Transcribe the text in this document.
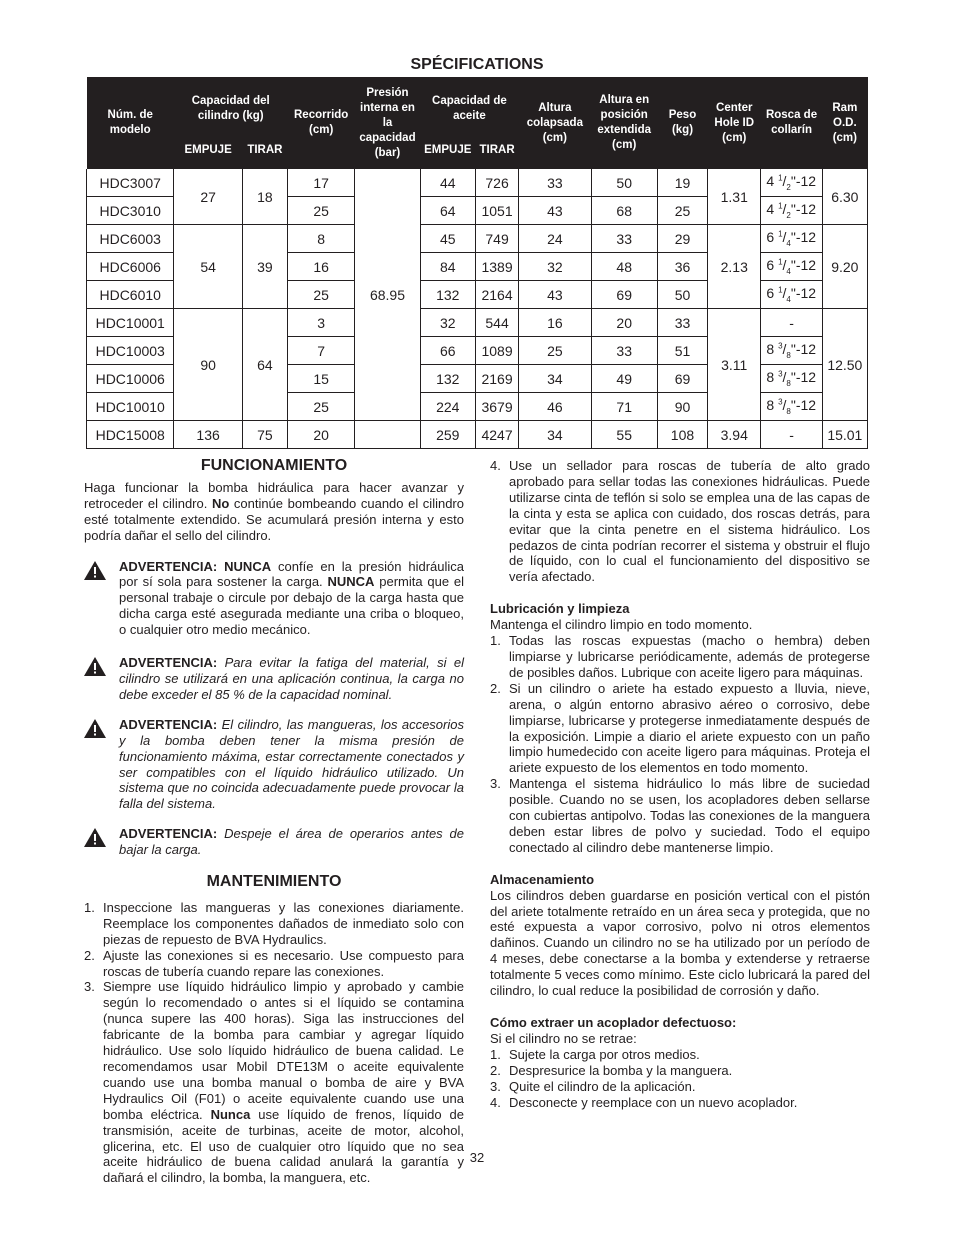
SPÉCIFICATIONS
Núm. de modelo	Capacidad del cilindro (kg)		Recorrido (cm)	Presión interna en la capacidad (bar)	Capacidad de aceite		Altura colapsada (cm)	Altura en posición extendida (cm)	Peso (kg)	Center Hole ID (cm)	Rosca de collarín	Ram O.D. (cm)
	EMPUJE	TIRAR			EMPUJE	TIRAR						
HDC3007	27	18	17	68.95	44	726	33	50	19	1.31	4 $^1/_2"-12$	6.30
HDC3010			25		64	1051	43	68	25		4 $^1/_2"-12$	
HDC6003	54	39	8		45	749	24	33	29	2.13	6 $^1/_4"-12$	9.20
HDC6006			16		84	1389	32	48	36		6 $^1/_4"-12$	
HDC6010			25		132	2164	43	69	50		6 $^1/_4"-12$	
HDC10001	90	64	3		32	544	16	20	33	3.11	-	12.50
HDC10003			7		66	1089	25	33	51		8 $^3/_8"-12$	
HDC10006			15		132	2169	34	49	69		8 $^3/_8"-12$	
HDC10010			25		224	3679	46	71	90		8 $^3/_8"-12$	
HDC15008	136	75	20		259	4247	34	55	108	3.94	-	15.01
FUNCIONAMIENTO

Haga funcionar la bomba hidráulica para hacer avanzar y retroceder el cilindro. No continúe bombeando cuando el cilindro esté totalmente extendido. Se acumulará presión interna y esto podría dañar el sello del cilindro.

ADVERTENCIA: NUNCA confíe en la presión hidráulica por sí sola para sostener la carga. NUNCA permita que el personal trabaje o circule por debajo de la carga hasta que dicha carga esté asegurada mediante una criba o bloqueo, o cualquier otro medio mecánico.
ADVERTENCIA: Para evitar la fatiga del material, si el cilindro se utilizará en una aplicación continua, la carga no debe exceder el 85 % de la capacidad nominal.
ADVERTENCIA: El cilindro, las mangueras, los accesorios y la bomba deben tener la misma presión de funcionamiento máxima, estar correctamente conectados y ser compatibles con el líquido hidráulico utilizado. Un sistema que no coincida adecuadamente puede provocar la falla del sistema.
ADVERTENCIA: Despeje el área de operarios antes de bajar la carga.
MANTENIMIENTO
1. Inspeccione las mangueras y las conexiones diariamente. Reemplace los componentes dañados de inmediato solo con piezas de repuesto de BVA Hydraulics.
2. Ajuste las conexiones si es necesario. Use compuesto para roscas de tubería cuando repare las conexiones.
3. Siempre use líquido hidráulico limpio y aprobado y cambie según lo recomendado o antes si el líquido se contamina (nunca supere las 400 horas). Siga las instrucciones del fabricante de la bomba para cambiar y agregar líquido hidráulico. Use solo líquido hidráulico de buena calidad. Le recomendamos usar Mobil DTE13M o aceite equivalente cuando use una bomba manual o bomba de aire y BVA Hydraulics Oil (F01) o aceite equivalente cuando use una bomba eléctrica. Nunca use líquido de frenos, líquido de transmisión, aceite de turbinas, aceite de motor, alcohol, glicerina, etc. El uso de cualquier otro líquido que no sea aceite hidráulico de buena calidad anulará la garantía y dañará el cilindro, la bomba, la manguera, etc.
4. Use un sellador para roscas de tubería de alto grado aprobado para sellar todas las conexiones hidráulicas. Puede utilizarse cinta de teflón si solo se emplea una de las capas de la cinta y esta se aplica con cuidado, dos roscas detrás, para evitar que la cinta penetre en el sistema hidráulico. Los pedazos de cinta podrían recorrer el sistema y obstruir el flujo de líquido, con lo cual el funcionamiento del dispositivo se vería afectado.
Lubricación y limpieza

Mantenga el cilindro limpio en todo momento.

1. Todas las roscas expuestas (macho o hembra) deben limpiarse y lubricarse periódicamente, además de protegerse de posibles daños. Lubrique con aceite ligero para máquinas.
2. Si un cilindro o ariete ha estado expuesto a lluvia, nieve, arena, o algún entorno abrasivo aéreo o corrosivo, debe limpiarse, lubricarse y protegerse inmediatamente después de la exposición. Limpie a diario el ariete expuesto con un paño limpio humedecido con aceite ligero para máquinas. Proteja el ariete expuesto de los elementos en todo momento.
3. Mantenga el sistema hidráulico lo más libre de suciedad posible. Cuando no se usen, los acopladores deben sellarse con cubiertas antipolvo. Todas las conexiones de la manguera deben estar libres de polvo y suciedad. Todo el equipo conectado al cilindro debe mantenerse limpio.
Almacenamiento

Los cilindros deben guardarse en posición vertical con el pistón del ariete totalmente retraído en un área seca y protegida, que no esté expuesta a vapor corrosivo, polvo ni otros elementos dañinos. Cuando un cilindro no se ha utilizado por un período de 4 meses, debe conectarse a la bomba y extenderse y retraerse totalmente 5 veces como mínimo. Este ciclo lubricará la pared del cilindro, lo cual reduce la posibilidad de corrosión y daño.

Cómo extraer un acoplador defectuoso:

Si el cilindro no se retrae:

1. Sujete la carga por otros medios.
2. Despresurice la bomba y la manguera.
3. Quite el cilindro de la aplicación.
4. Desconecte y reemplace con un nuevo acoplador.
32
